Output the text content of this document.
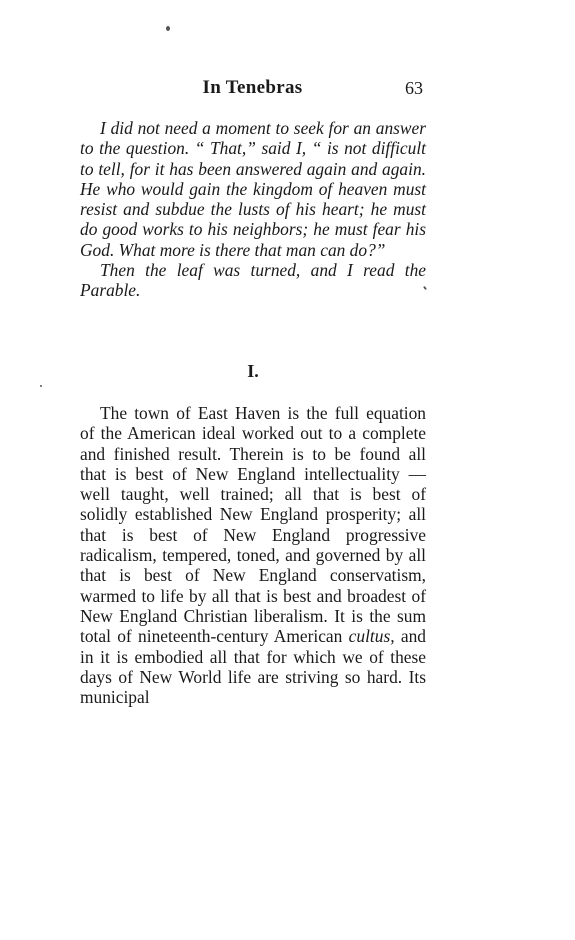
In Tenebras	63

I did not need a moment to seek for an answer to the question. “ That,” said I, “ is not difficult to tell, for it has been answered again and again. He who would gain the kingdom of heaven must resist and subdue the lusts of his heart; he must do good works to his neighbors; he must fear his God. What more is there that man can do?”

Then the leaf was turned, and I read the Parable.

I.

The town of East Haven is the full equation of the American ideal worked out to a complete and finished result. Therein is to be found all that is best of New England intellectuality — well taught, well trained; all that is best of solidly established New England prosperity; all that is best of New England progressive radicalism, tempered, toned, and governed by all that is best of New England conservatism, warmed to life by all that is best and broadest of New England Christian liberalism. It is the sum total of nineteenth-century American cultus, and in it is embodied all that for which we of these days of New World life are striving so hard. Its municipal
